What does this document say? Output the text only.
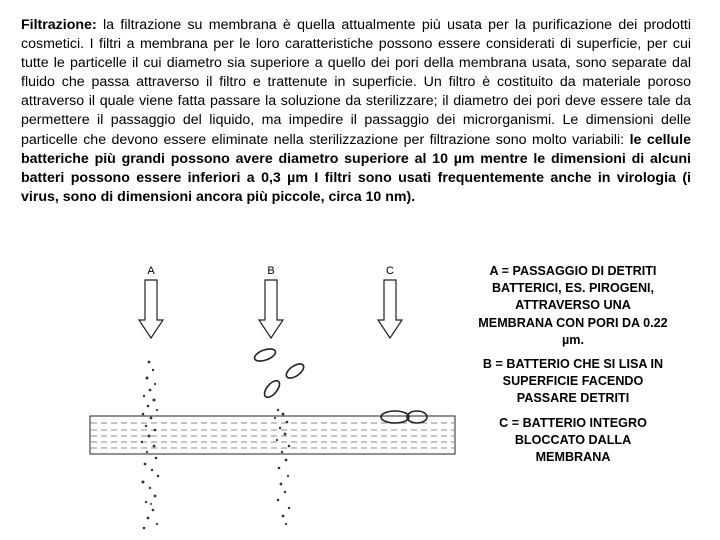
Filtrazione: la filtrazione su membrana è quella attualmente più usata per la purificazione dei prodotti cosmetici. I filtri a membrana per le loro caratteristiche possono essere considerati di superficie, per cui tutte le particelle il cui diametro sia superiore a quello dei pori della membrana usata, sono separate dal fluido che passa attraverso il filtro e trattenute in superficie. Un filtro è costituito da materiale poroso attraverso il quale viene fatta passare la soluzione da sterilizzare; il diametro dei pori deve essere tale da permettere il passaggio del liquido, ma impedire il passaggio dei microrganismi. Le dimensioni delle particelle che devono essere eliminate nella sterilizzazione per filtrazione sono molto variabili: le cellule batteriche più grandi possono avere diametro superiore al 10 µm mentre le dimensioni di alcuni batteri possono essere inferiori a 0,3 µm I filtri sono usati frequentemente anche in virologia (i virus, sono di dimensioni ancora più piccole, circa 10 nm).
A	B	C	A = PASSAGGIO DI DETRITI BATTERICI, ES. PIROGENI, ATTRAVERSO UNA MEMBRANA CON PORI DA 0.22 µm.
B = BATTERIO CHE SI LISA IN SUPERFICIE FACENDO PASSARE DETRITI
C = BATTERIO INTEGRO BLOCCATO DALLA MEMBRANA
